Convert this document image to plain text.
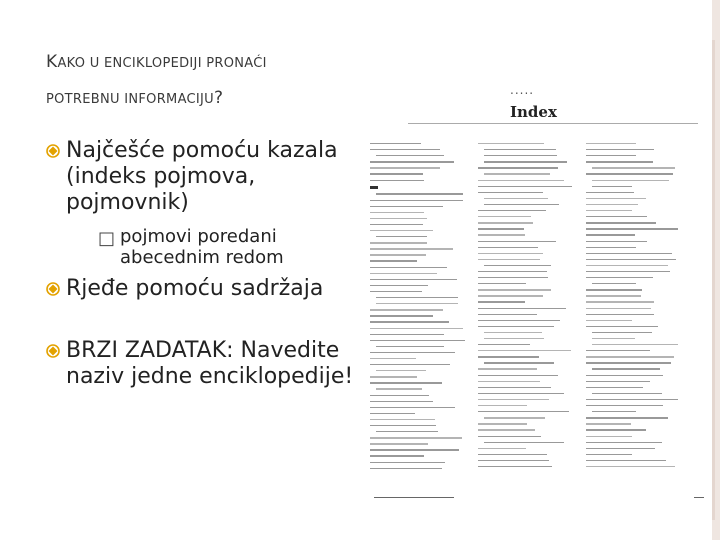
KAKO U ENCIKLOPEDIJI PRONAĆI
POTREBNU INFORMACIJU?
Najčešće pomoću kazala (indeks pojmova, pojmovnik)
□ pojmovi poredani abecednim redom
Rjeđe pomoću sadržaja
BRZI ZADATAK: Navedite naziv jedne enciklopedije!
.....
Index
